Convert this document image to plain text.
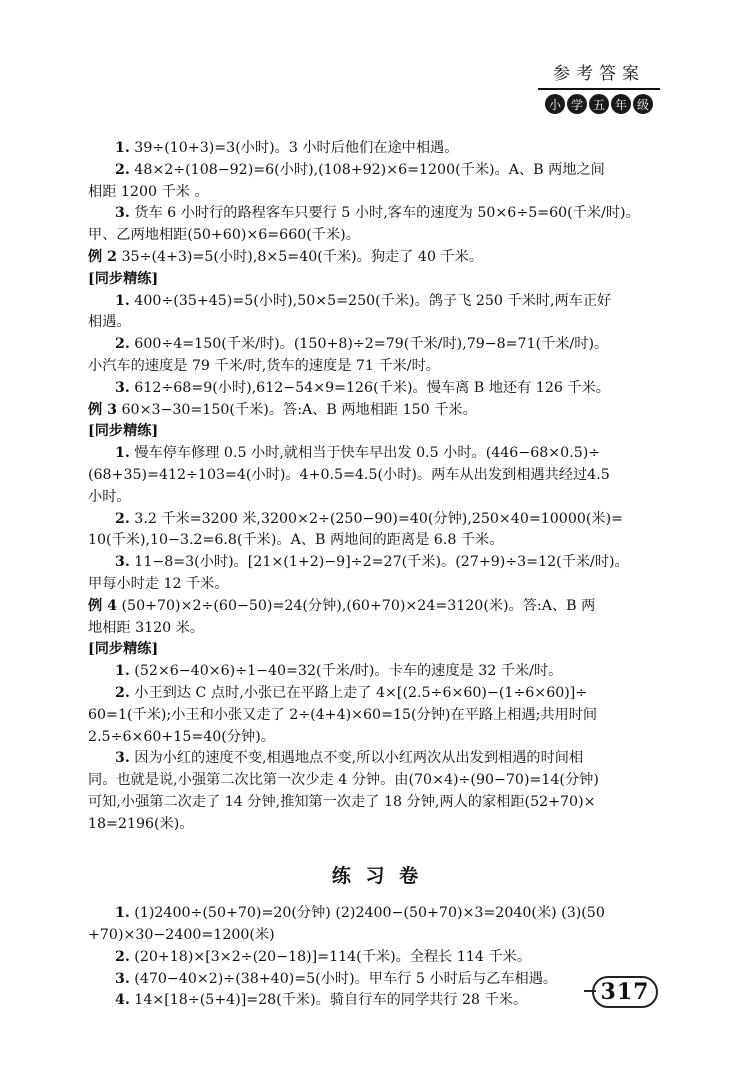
参考答案
小 学 五 年 级
1. 39÷(10+3)=3(小时)。3 小时后他们在途中相遇。
2. 48×2÷(108−92)=6(小时),(108+92)×6=1200(千米)。A、B 两地之间
相距 1200 千米 。
3. 货车 6 小时行的路程客车只要行 5 小时,客车的速度为 50×6÷5=60(千米/时)。
甲、乙两地相距(50+60)×6=660(千米)。
例 2 35÷(4+3)=5(小时),8×5=40(千米)。狗走了 40 千米。
[同步精练]
1. 400÷(35+45)=5(小时),50×5=250(千米)。鸽子飞 250 千米时,两车正好
相遇。
2. 600÷4=150(千米/时)。(150+8)÷2=79(千米/时),79−8=71(千米/时)。
小汽车的速度是 79 千米/时,货车的速度是 71 千米/时。
3. 612÷68=9(小时),612−54×9=126(千米)。慢车离 B 地还有 126 千米。
例 3 60×3−30=150(千米)。答:A、B 两地相距 150 千米。
[同步精练]
1. 慢车停车修理 0.5 小时,就相当于快车早出发 0.5 小时。(446−68×0.5)÷
(68+35)=412÷103=4(小时)。4+0.5=4.5(小时)。两车从出发到相遇共经过4.5
小时。
2. 3.2 千米=3200 米,3200×2÷(250−90)=40(分钟),250×40=10000(米)=
10(千米),10−3.2=6.8(千米)。A、B 两地间的距离是 6.8 千米。
3. 11−8=3(小时)。[21×(1+2)−9]÷2=27(千米)。(27+9)÷3=12(千米/时)。
甲每小时走 12 千米。
例 4 (50+70)×2÷(60−50)=24(分钟),(60+70)×24=3120(米)。答:A、B 两
地相距 3120 米。
[同步精练]
1. (52×6−40×6)÷1−40=32(千米/时)。卡车的速度是 32 千米/时。
2. 小王到达 C 点时,小张已在平路上走了 4×[(2.5÷6×60)−(1÷6×60)]÷
60=1(千米);小王和小张又走了 2÷(4+4)×60=15(分钟)在平路上相遇;共用时间
2.5÷6×60+15=40(分钟)。
3. 因为小红的速度不变,相遇地点不变,所以小红两次从出发到相遇的时间相
同。也就是说,小强第二次比第一次少走 4 分钟。由(70×4)÷(90−70)=14(分钟)
可知,小强第二次走了 14 分钟,推知第一次走了 18 分钟,两人的家相距(52+70)×
18=2196(米)。
练 习 卷
1. (1)2400÷(50+70)=20(分钟) (2)2400−(50+70)×3=2040(米) (3)(50
+70)×30−2400=1200(米)
2. (20+18)×[3×2÷(20−18)]=114(千米)。全程长 114 千米。
3. (470−40×2)÷(38+40)=5(小时)。甲车行 5 小时后与乙车相遇。
4. 14×[18÷(5+4)]=28(千米)。骑自行车的同学共行 28 千米。	317
